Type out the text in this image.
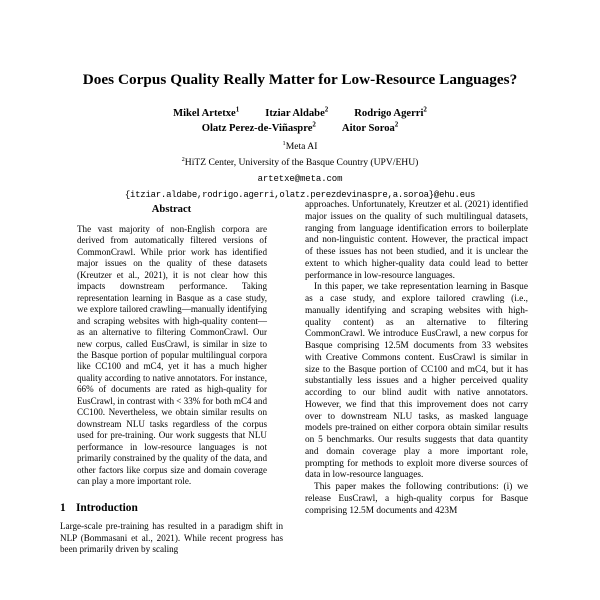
Does Corpus Quality Really Matter for Low-Resource Languages?
Mikel Artetxe$^1$ Itziar Aldabe$^2$ Rodrigo Agerri$^2$
Olatz Perez-de-Viñaspre$^2$ Aitor Soroa$^2$
$^1$Meta AI
$^2$HiTZ Center, University of the Basque Country (UPV/EHU)
artetxe@meta.com
{itziar.aldabe,rodrigo.agerri,olatz.perezdevinaspre,a.soroa}@ehu.eus
Abstract

The vast majority of non-English corpora are derived from automatically filtered versions of CommonCrawl. While prior work has identified major issues on the quality of these datasets (Kreutzer et al., 2021), it is not clear how this impacts downstream performance. Taking representation learning in Basque as a case study, we explore tailored crawling—manually identifying and scraping websites with high-quality content—as an alternative to filtering CommonCrawl. Our new corpus, called EusCrawl, is similar in size to the Basque portion of popular multilingual corpora like CC100 and mC4, yet it has a much higher quality according to native annotators. For instance, 66% of documents are rated as high-quality for EusCrawl, in contrast with < 33% for both mC4 and CC100. Nevertheless, we obtain similar results on downstream NLU tasks regardless of the corpus used for pre-training. Our work suggests that NLU performance in low-resource languages is not primarily constrained by the quality of the data, and other factors like corpus size and domain coverage can play a more important role.

1 Introduction

Large-scale pre-training has resulted in a paradigm shift in NLP (Bommasani et al., 2021). While recent progress has been primarily driven by scaling

approaches. Unfortunately, Kreutzer et al. (2021) identified major issues on the quality of such multilingual datasets, ranging from language identification errors to boilerplate and non-linguistic content. However, the practical impact of these issues has not been studied, and it is unclear the extent to which higher-quality data could lead to better performance in low-resource languages.

In this paper, we take representation learning in Basque as a case study, and explore tailored crawling (i.e., manually identifying and scraping websites with high-quality content) as an alternative to filtering CommonCrawl. We introduce EusCrawl, a new corpus for Basque comprising 12.5M documents from 33 websites with Creative Commons content. EusCrawl is similar in size to the Basque portion of CC100 and mC4, but it has substantially less issues and a higher perceived quality according to our blind audit with native annotators. However, we find that this improvement does not carry over to downstream NLU tasks, as masked language models pre-trained on either corpora obtain similar results on 5 benchmarks. Our results suggests that data quantity and domain coverage play a more important role, prompting for methods to exploit more diverse sources of data in low-resource languages.

This paper makes the following contributions: (i) we release EusCrawl, a high-quality corpus for Basque comprising 12.5M documents and 423M
